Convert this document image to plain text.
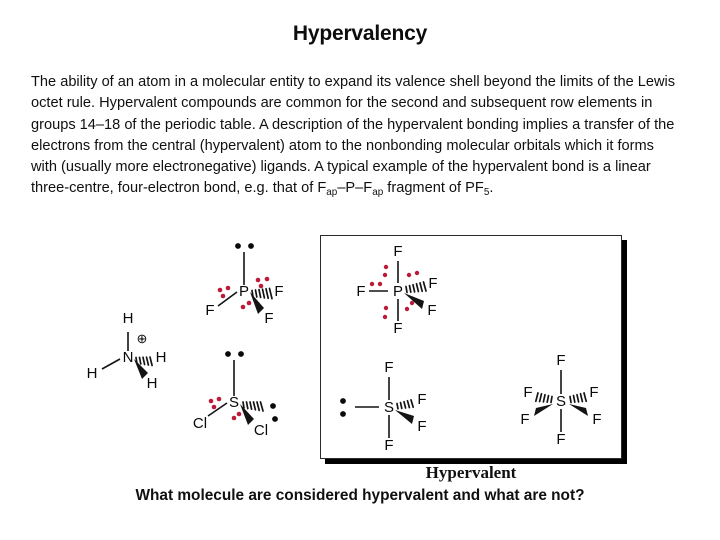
Hypervalency
The ability of an atom in a molecular entity to expand its valence shell beyond the limits of the Lewis octet rule. Hypervalent compounds are common for the second and subsequent row elements in groups 14–18 of the periodic table. A description of the hypervalent bonding implies a transfer of the electrons from the central (hypervalent) atom to the nonbonding molecular orbitals which it forms with (usually more electronegative) ligands. A typical example of the hypervalent bond is a linear three-centre, four-electron bond, e.g. that of $F_{ap}-P-F_{ap}$ fragment of $PF_5$.
P
F
F
F
N
H
H
H
H
⊕
S
Cl	Cl
P
F
F
F	F
F
S
F
F
F
F
S
F
F
F	F
F	F
Hypervalent
What molecule are considered hypervalent and what are not?
